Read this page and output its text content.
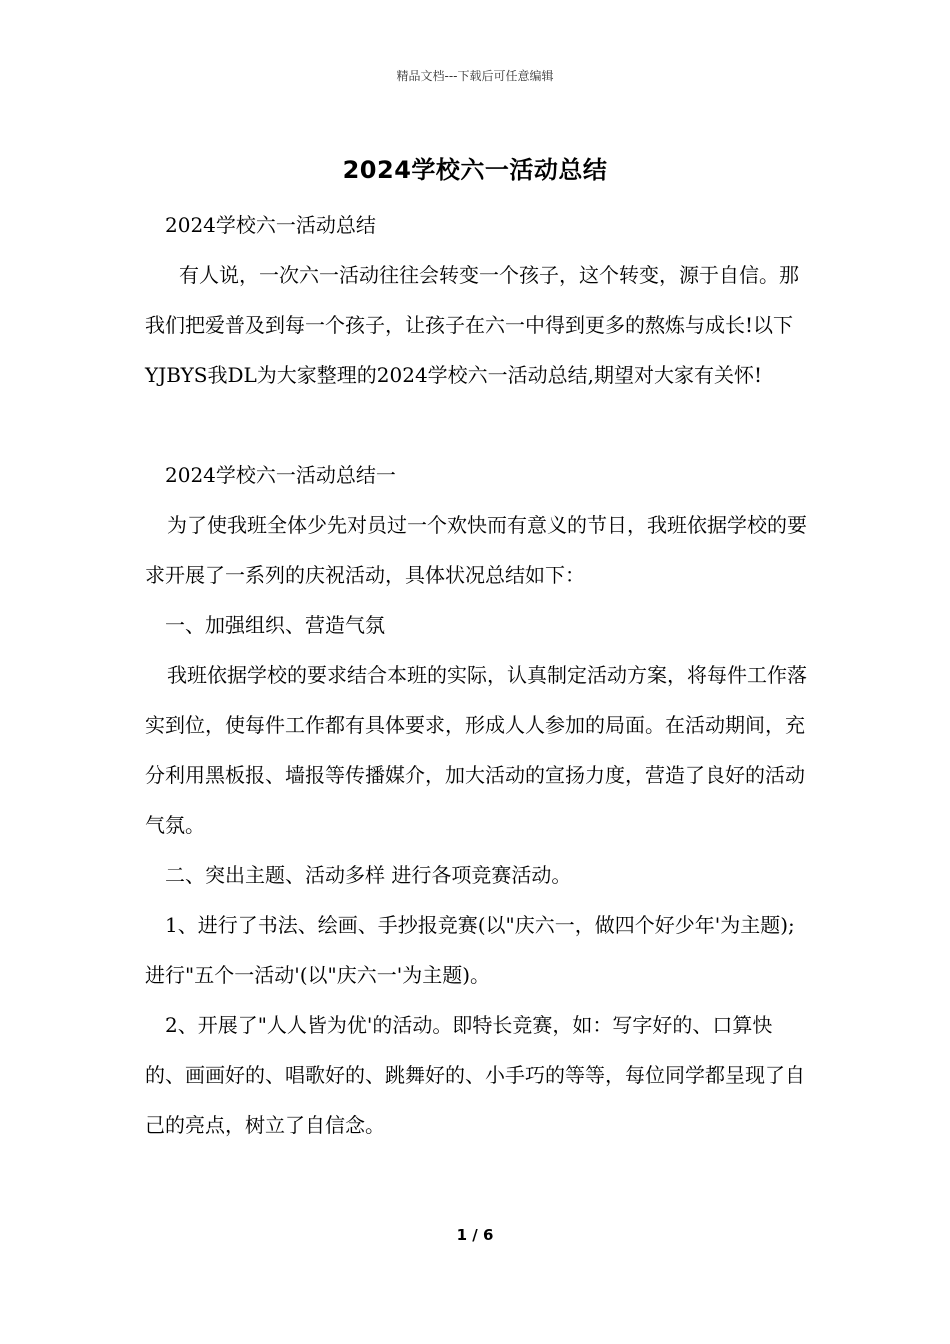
精品文档---下载后可任意编辑
2024学校六一活动总结

2024学校六一活动总结

有人说，一次六一活动往往会转变一个孩子，这个转变，源于自信。那我们把爱普及到每一个孩子，让孩子在六一中得到更多的熬炼与成长!以下YJBYS我DL为大家整理的2024学校六一活动总结,期望对大家有关怀!

2024学校六一活动总结一

为了使我班全体少先对员过一个欢快而有意义的节日，我班依据学校的要求开展了一系列的庆祝活动，具体状况总结如下：

一、加强组织、营造气氛

我班依据学校的要求结合本班的实际，认真制定活动方案，将每件工作落实到位，使每件工作都有具体要求，形成人人参加的局面。在活动期间，充分利用黑板报、墙报等传播媒介，加大活动的宣扬力度，营造了良好的活动气氛。

二、突出主题、活动多样 进行各项竞赛活动。

1、进行了书法、绘画、手抄报竞赛(以"庆六一，做四个好少年'为主题);进行"五个一活动'(以"庆六一'为主题)。

2、开展了"人人皆为优'的活动。即特长竞赛，如：写字好的、口算快的、画画好的、唱歌好的、跳舞好的、小手巧的等等，每位同学都呈现了自己的亮点，树立了自信念。

1 / 6
